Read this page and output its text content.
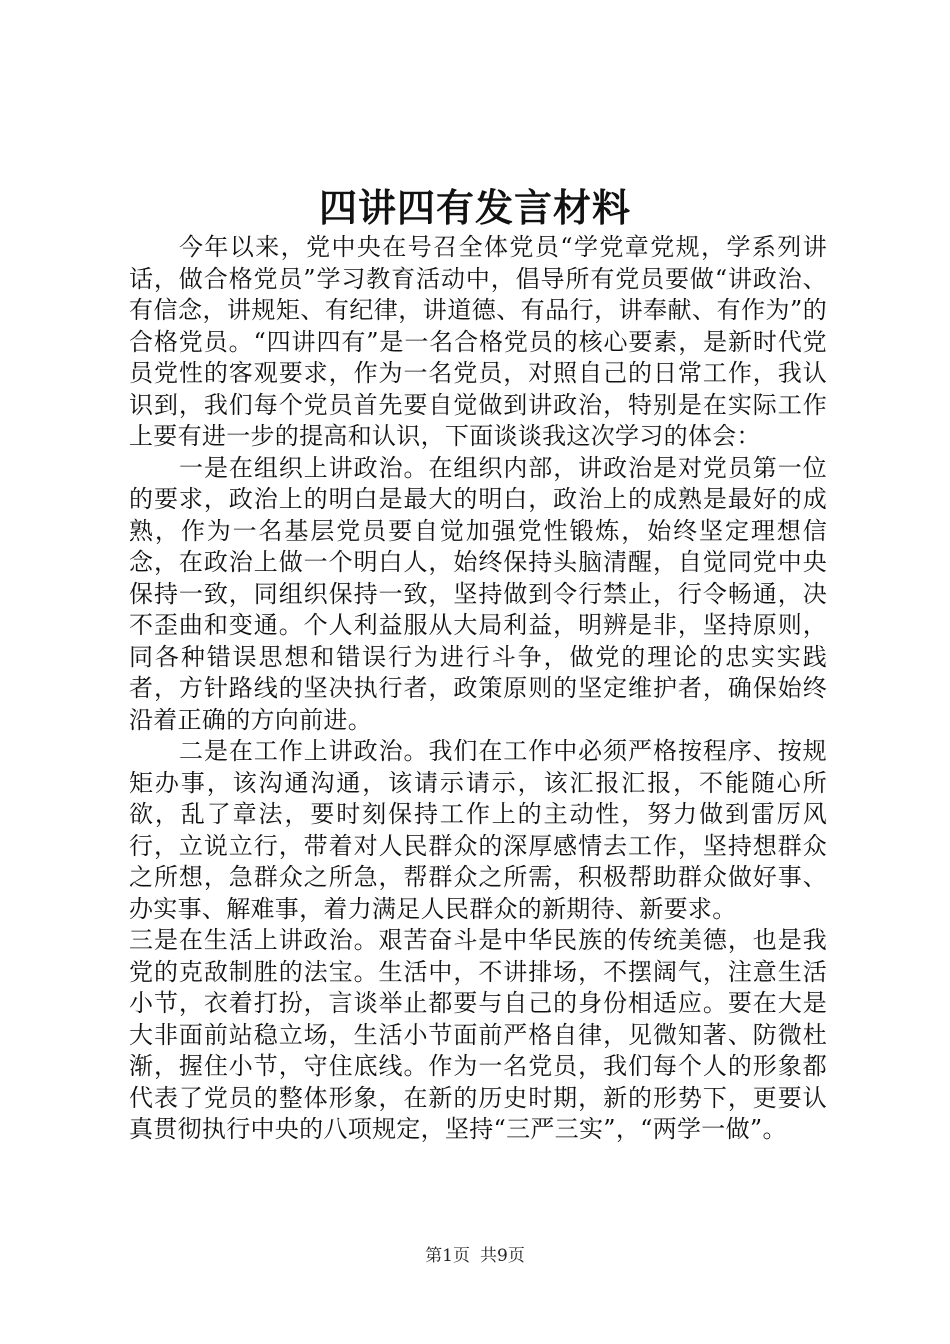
四讲四有发言材料

今年以来，党中央在号召全体党员“学党章党规，学系列讲话，做合格党员”学习教育活动中，倡导所有党员要做“讲政治、有信念，讲规矩、有纪律，讲道德、有品行，讲奉献、有作为”的合格党员。“四讲四有”是一名合格党员的核心要素，是新时代党员党性的客观要求，作为一名党员，对照自己的日常工作，我认识到，我们每个党员首先要自觉做到讲政治，特别是在实际工作上要有进一步的提高和认识，下面谈谈我这次学习的体会：

一是在组织上讲政治。在组织内部，讲政治是对党员第一位的要求，政治上的明白是最大的明白，政治上的成熟是最好的成熟，作为一名基层党员要自觉加强党性锻炼，始终坚定理想信念，在政治上做一个明白人，始终保持头脑清醒，自觉同党中央保持一致，同组织保持一致，坚持做到令行禁止，行令畅通，决不歪曲和变通。个人利益服从大局利益，明辨是非，坚持原则，同各种错误思想和错误行为进行斗争，做党的理论的忠实实践者，方针路线的坚决执行者，政策原则的坚定维护者，确保始终沿着正确的方向前进。

二是在工作上讲政治。我们在工作中必须严格按程序、按规矩办事，该沟通沟通，该请示请示，该汇报汇报，不能随心所欲，乱了章法，要时刻保持工作上的主动性，努力做到雷厉风行，立说立行，带着对人民群众的深厚感情去工作，坚持想群众之所想，急群众之所急，帮群众之所需，积极帮助群众做好事、办实事、解难事，着力满足人民群众的新期待、新要求。

三是在生活上讲政治。艰苦奋斗是中华民族的传统美德，也是我党的克敌制胜的法宝。生活中，不讲排场，不摆阔气，注意生活小节，衣着打扮，言谈举止都要与自己的身份相适应。要在大是大非面前站稳立场，生活小节面前严格自律，见微知著、防微杜渐，握住小节，守住底线。作为一名党员，我们每个人的形象都代表了党员的整体形象，在新的历史时期，新的形势下，更要认真贯彻执行中央的八项规定，坚持“三严三实”，“两学一做”。

第1页 共9页
